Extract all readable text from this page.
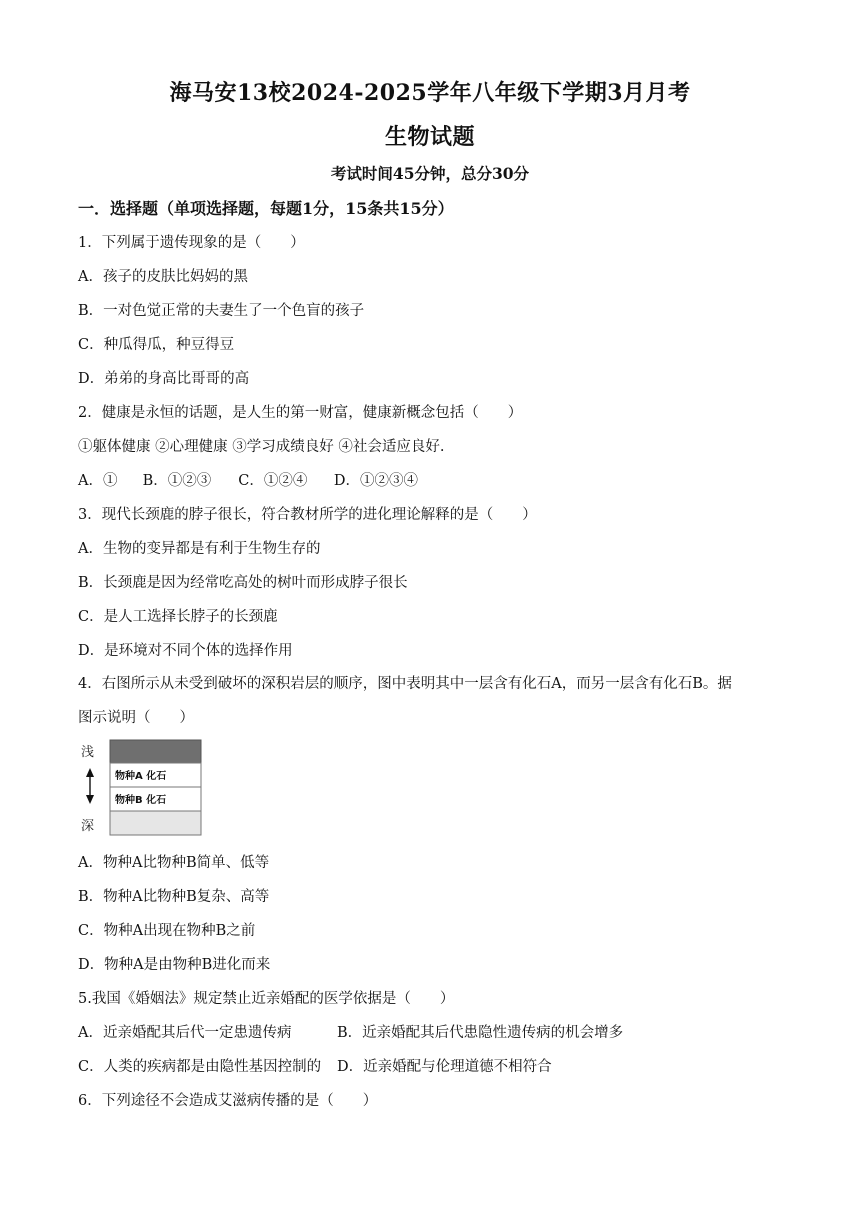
海马安13校2024-2025学年八年级下学期3月月考
生物试题
考试时间45分钟，总分30分
一．选择题（单项选择题，每题1分，15条共15分）
1．下列属于遗传现象的是（　　）
A．孩子的皮肤比妈妈的黑
B．一对色觉正常的夫妻生了一个色盲的孩子
C．种瓜得瓜，种豆得豆
D．弟弟的身高比哥哥的高
2．健康是永恒的话题，是人生的第一财富，健康新概念包括（　　）
①躯体健康 ②心理健康 ③学习成绩良好 ④社会适应良好.
A．① B．①②③ C．①②④ D．①②③④
3．现代长颈鹿的脖子很长，符合教材所学的进化理论解释的是（　　）
A．生物的变异都是有利于生物生存的
B．长颈鹿是因为经常吃高处的树叶而形成脖子很长
C．是人工选择长脖子的长颈鹿
D．是环境对不同个体的选择作用
4．右图所示从未受到破坏的深积岩层的顺序，图中表明其中一层含有化石A，而另一层含有化石B。据
图示说明（　　）
浅
深
物种A 化石
物种B 化石
A．物种A比物种B简单、低等
B．物种A比物种B复杂、高等
C．物种A出现在物种B之前
D．物种A是由物种B进化而来
5.我国《婚姻法》规定禁止近亲婚配的医学依据是（　　）
A．近亲婚配其后代一定患遗传病	B．近亲婚配其后代患隐性遗传病的机会增多
C．人类的疾病都是由隐性基因控制的 D．近亲婚配与伦理道德不相符合
6．下列途径不会造成艾滋病传播的是（　　）
